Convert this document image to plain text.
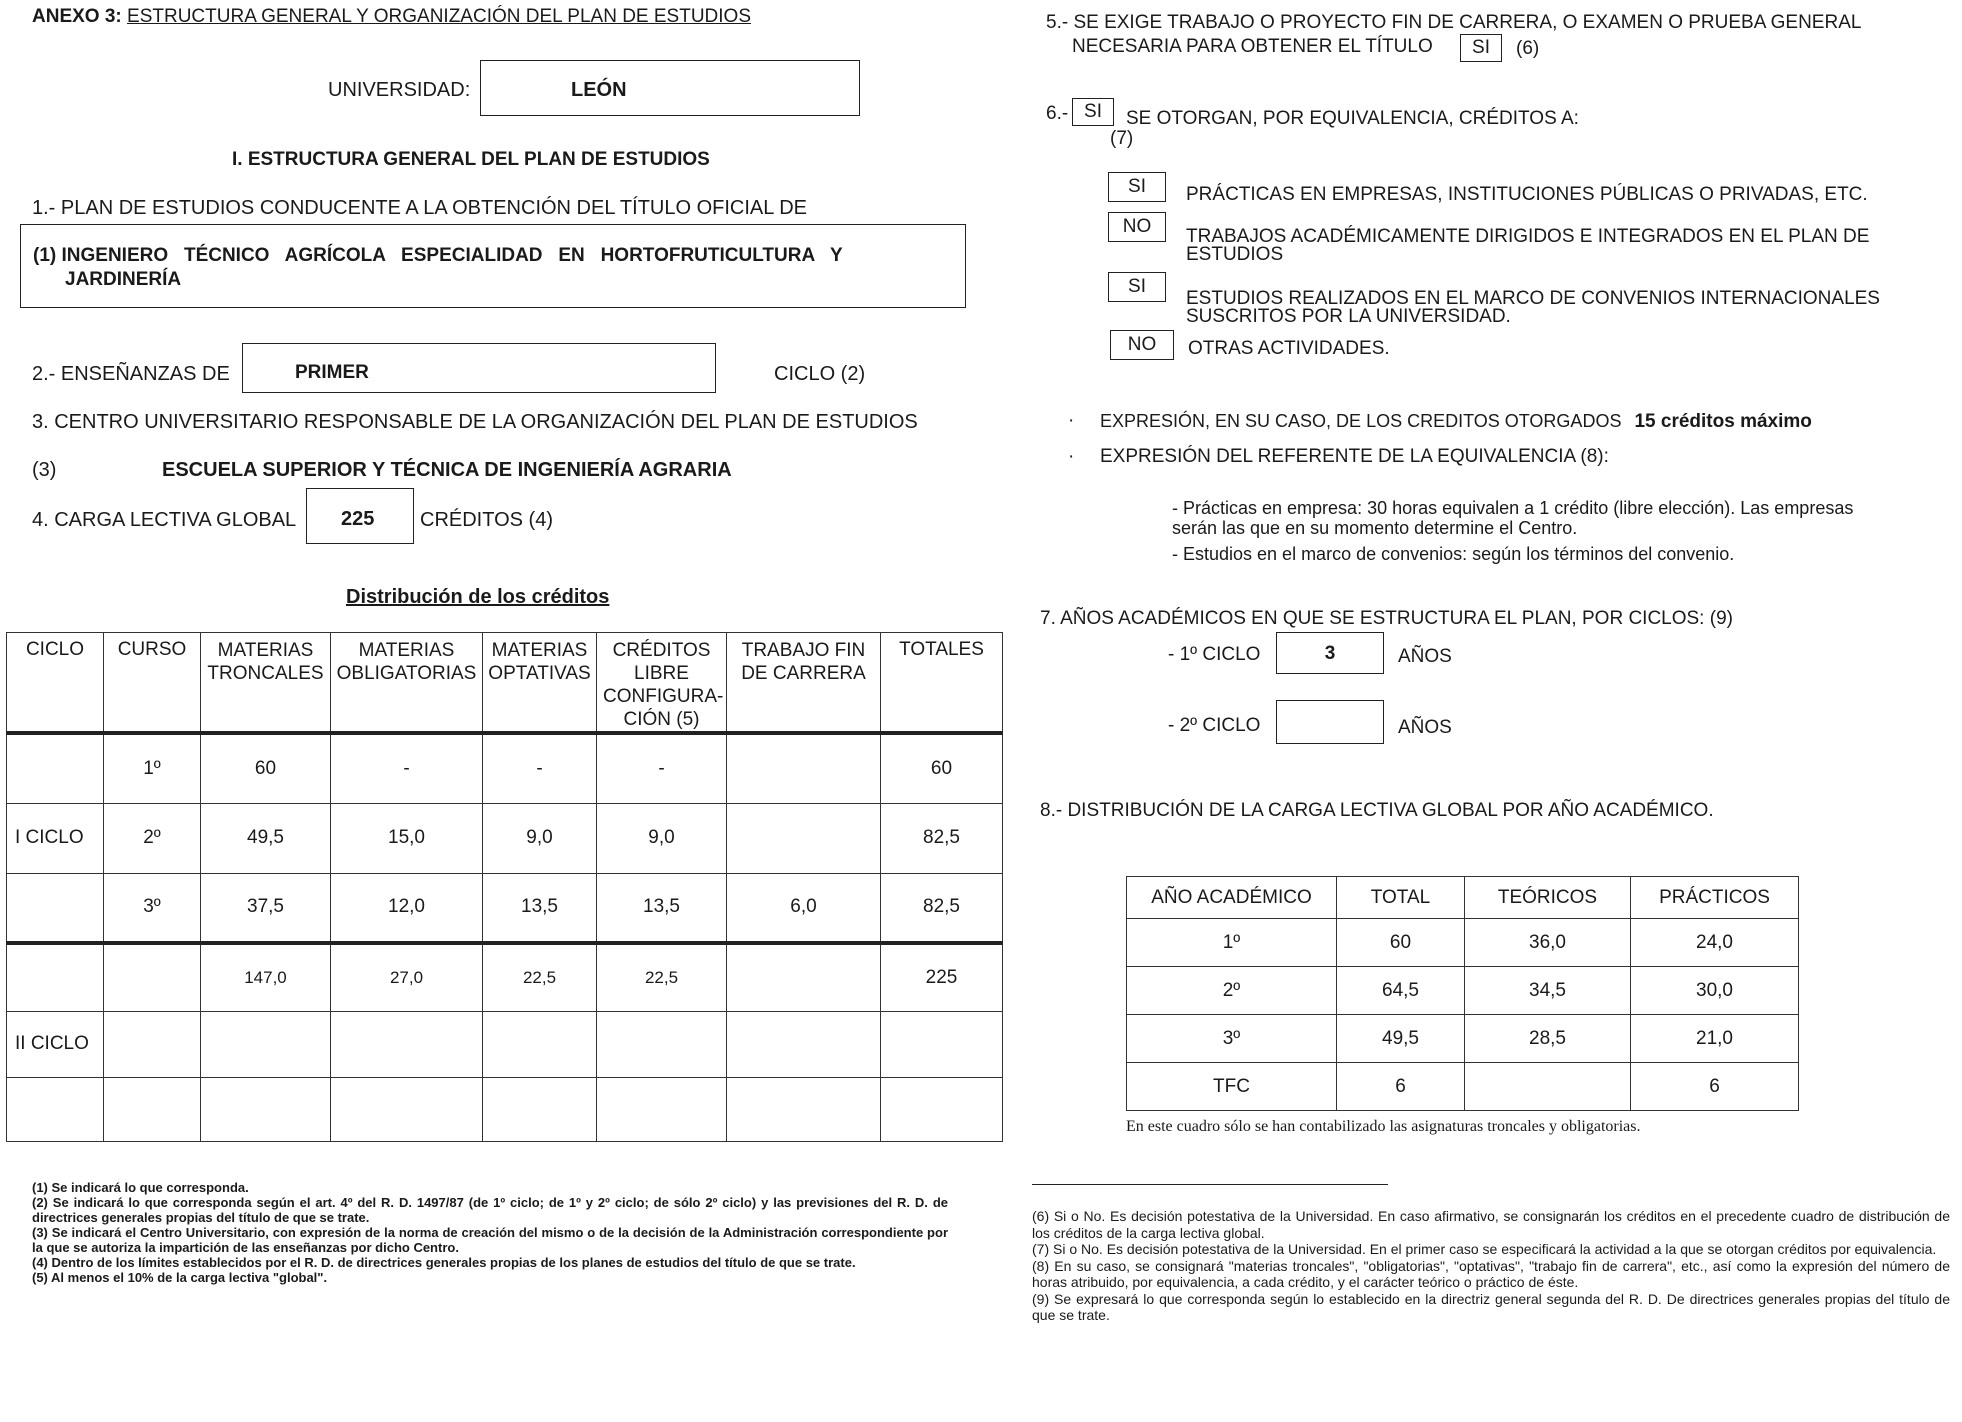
ANEXO 3: ESTRUCTURA GENERAL Y ORGANIZACIÓN DEL PLAN DE ESTUDIOS
UNIVERSIDAD:	LEÓN
I. ESTRUCTURA GENERAL DEL PLAN DE ESTUDIOS
1.- PLAN DE ESTUDIOS CONDUCENTE A LA OBTENCIÓN DEL TÍTULO OFICIAL DE
(1) INGENIERO   TÉCNICO   AGRÍCOLA   ESPECIALIDAD   EN   HORTOFRUTICULTURA   Y
JARDINERÍA
2.- ENSEÑANZAS DE	PRIMER	CICLO (2)
3. CENTRO UNIVERSITARIO RESPONSABLE DE LA ORGANIZACIÓN DEL PLAN DE ESTUDIOS
(3)	ESCUELA SUPERIOR Y TÉCNICA DE INGENIERÍA AGRARIA
4. CARGA LECTIVA GLOBAL 225 CRÉDITOS (4)
Distribución de los créditos
CICLO	CURSO	MATERIAS TRONCALES	MATERIAS OBLIGATORIAS	MATERIAS OPTATIVAS	CRÉDITOS LIBRE CONFIGURA- CIÓN (5)	TRABAJO FIN DE CARRERA	TOTALES
	1º	60	-	-	-		60
I CICLO	2º	49,5	15,0	9,0	9,0		82,5
	3º	37,5	12,0	13,5	13,5	6,0	82,5
		147,0	27,0	22,5	22,5		225
II CICLO							

(1) Se indicará lo que corresponda.
(2) Se indicará lo que corresponda según el art. 4º del R. D. 1497/87 (de 1º ciclo; de 1º y 2º ciclo; de sólo 2º ciclo) y las previsiones del R. D. de directrices generales propias del título de que se trate.
(3) Se indicará el Centro Universitario, con expresión de la norma de creación del mismo o de la decisión de la Administración correspondiente por la que se autoriza la impartición de las enseñanzas por dicho Centro.
(4) Dentro de los límites establecidos por el R. D. de directrices generales propias de los planes de estudios del título de que se trate.
(5) Al menos el 10% de la carga lectiva "global".
5.- SE EXIGE TRABAJO O PROYECTO FIN DE CARRERA, O EXAMEN O PRUEBA GENERAL
NECESARIA PARA OBTENER EL TÍTULO	SI	(6)
6.- SI	SE OTORGAN, POR EQUIVALENCIA, CRÉDITOS A:
(7)
SI	PRÁCTICAS EN EMPRESAS, INSTITUCIONES PÚBLICAS O PRIVADAS, ETC.
NO	TRABAJOS ACADÉMICAMENTE DIRIGIDOS E INTEGRADOS EN EL PLAN DE
ESTUDIOS
SI
ESTUDIOS REALIZADOS EN EL MARCO DE CONVENIOS INTERNACIONALES
SUSCRITOS POR LA UNIVERSIDAD.
NO	OTRAS ACTIVIDADES.
· EXPRESIÓN, EN SU CASO, DE LOS CREDITOS OTORGADOS 15 créditos máximo
· EXPRESIÓN DEL REFERENTE DE LA EQUIVALENCIA (8):
- Prácticas en empresa: 30 horas equivalen a 1 crédito (libre elección). Las empresas
serán las que en su momento determine el Centro.
- Estudios en el marco de convenios: según los términos del convenio.
7. AÑOS ACADÉMICOS EN QUE SE ESTRUCTURA EL PLAN, POR CICLOS: (9)
- 1º CICLO	3	AÑOS
- 2º CICLO	AÑOS
8.- DISTRIBUCIÓN DE LA CARGA LECTIVA GLOBAL POR AÑO ACADÉMICO.
AÑO ACADÉMICO	TOTAL	TEÓRICOS	PRÁCTICOS
1º	60	36,0	24,0
2º	64,5	34,5	30,0
3º	49,5	28,5	21,0
TFC	6		6
En este cuadro sólo se han contabilizado las asignaturas troncales y obligatorias.
(6) Si o No. Es decisión potestativa de la Universidad. En caso afirmativo, se consignarán los créditos en el precedente cuadro de distribución de los créditos de la carga lectiva global.
(7) Si o No. Es decisión potestativa de la Universidad. En el primer caso se especificará la actividad a la que se otorgan créditos por equivalencia.
(8) En su caso, se consignará "materias troncales", "obligatorias", "optativas", "trabajo fin de carrera", etc., así como la expresión del número de horas atribuido, por equivalencia, a cada crédito, y el carácter teórico o práctico de éste.
(9) Se expresará lo que corresponda según lo establecido en la directriz general segunda del R. D. De directrices generales propias del título de que se trate.
